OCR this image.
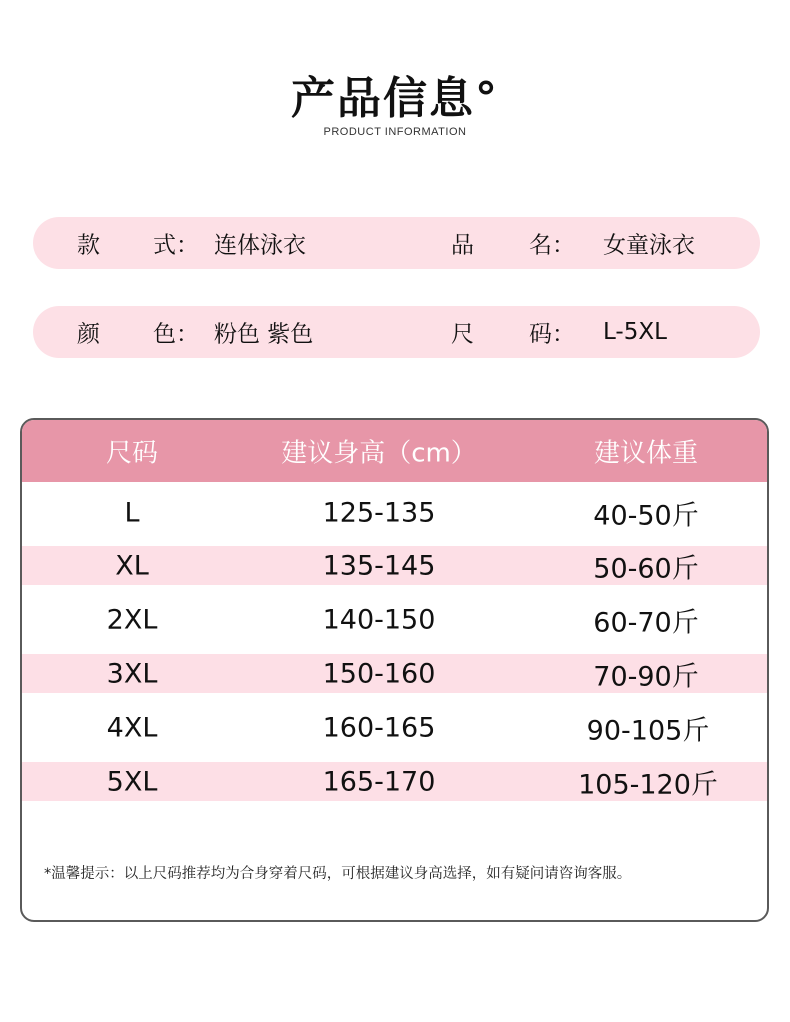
产品信息°
PRODUCT INFORMATION
款 式： 连体泳衣	品 名： 女童泳衣
颜 色： 粉色 紫色	尺 码： L-5XL
尺码	建议身高（cm）	建议体重
L	125-135	40-50斤
XL	135-145	50-60斤
2XL	140-150	60-70斤
3XL	150-160	70-90斤
4XL	160-165	90-105斤
5XL	165-170	105-120斤
*温馨提示：以上尺码推荐均为合身穿着尺码，可根据建议身高选择，如有疑问请咨询客服。
